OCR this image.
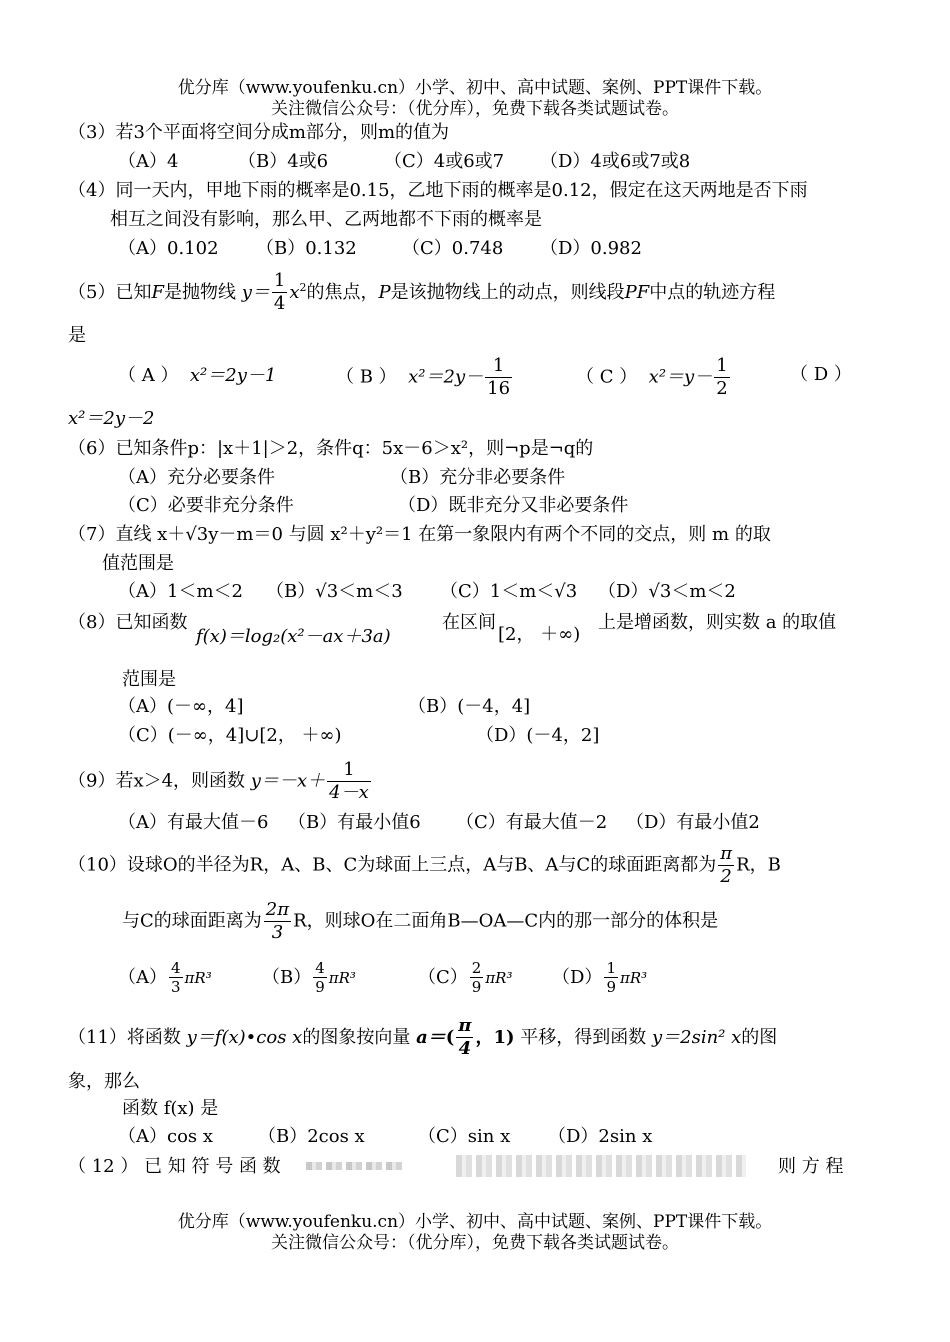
优分库（www.youfenku.cn）小学、初中、高中试题、案例、PPT课件下载。
关注微信公众号：（优分库），免费下载各类试题试卷。
（3）若3个平面将空间分成m部分，则m的值为
（A）4	（B）4或6	（C）4或6或7 （D）4或6或7或8
（4）同一天内，甲地下雨的概率是0.15，乙地下雨的概率是0.12，假定在这天两地是否下雨
相互之间没有影响，那么甲、乙两地都不下雨的概率是
（A）0.102 （B）0.132	（C）0.748 （D）0.982
（5）已知F是抛物线 $y= \frac{1}{4} x^2$的焦点，P是该抛物线上的动点，则线段PF中点的轨迹方程
是
（ A ） x²＝2y－1	（ B ） $x^2=2y- \frac{1}{16}$	（ C ） $x^2=y- \frac{1}{2}$	（ D ）
x²＝2y－2
（6）已知条件p：|x＋1|＞2，条件q：5x－6＞x²，则¬p是¬q的
（A）充分必要条件	（B）充分非必要条件
（C）必要非充分条件	（D）既非充分又非必要条件
（7）直线 x＋√3y－m＝0 与圆 x²＋y²＝1 在第一象限内有两个不同的交点，则 m 的取
值范围是
（A）1＜m＜2 （B）√3＜m＜3 （C）1＜m＜√3 （D）√3＜m＜2
（8）已知函数
f(x)＝log₂(x²－ax＋3a)
在区间
[2， ＋∞)
上是增函数，则实数 a 的取值
范围是
（A）(－∞，4]	（B）(－4，4]
（C）(－∞，4]∪[2， ＋∞)	（D）(－4，2]
（9）若x＞4，则函数 $y=-x+ \frac{1}{4-x}$
（A）有最大值－6 （B）有最小值6 （C）有最大值－2 （D）有最小值2
（10）设球O的半径为R，A、B、C为球面上三点，A与B、A与C的球面距离都为 $\frac{\pi}{2}$ R，B
与C的球面距离为 $\frac{2\pi}{3}$ R，则球O在二面角B—OA—C内的那一部分的体积是
$(A) \frac{4}{3} \pi R^3$	$(B) \frac{4}{9} \pi R^3$	$(C) \frac{2}{9} \pi R^3$ $(D) \frac{1}{9} \pi R^3$
（11）将函数 y＝f(x)•cos x的图象按向量 $a=( \frac{\pi}{4}$ ，1) 平移，得到函数 y＝2sin² x的图
象，那么
函数 f(x) 是
（A）cos x （B）2cos x	（C）sin x （D）2sin x
（ 12 ） 已 知 符 号 函 数	则 方 程
优分库（www.youfenku.cn）小学、初中、高中试题、案例、PPT课件下载。
关注微信公众号：（优分库），免费下载各类试题试卷。
